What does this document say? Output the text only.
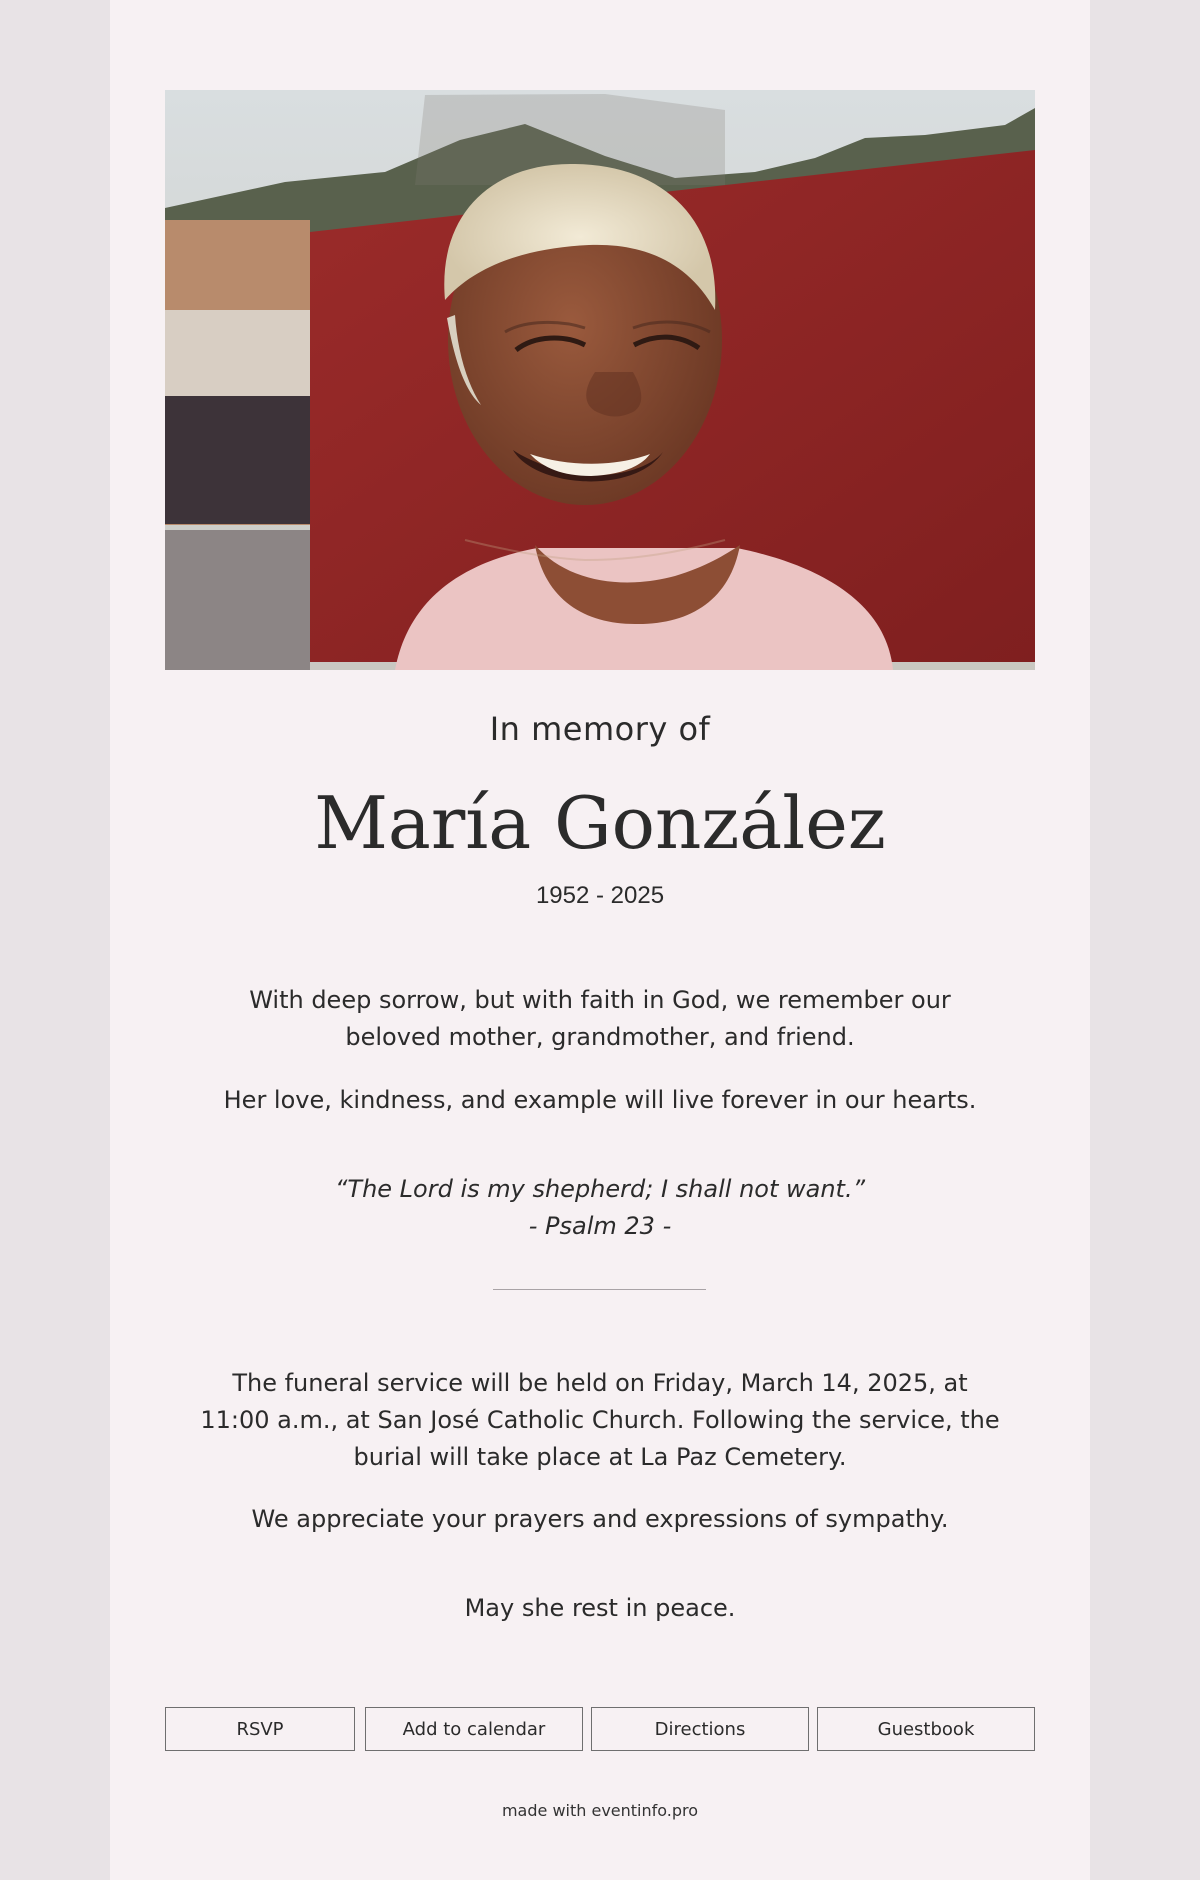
In memory of
María González
1952 - 2025
With deep sorrow, but with faith in God, we remember our beloved mother, grandmother, and friend.
Her love, kindness, and example will live forever in our hearts.
“The Lord is my shepherd; I shall not want.”
- Psalm 23 -
The funeral service will be held on Friday, March 14, 2025, at 11:00 a.m., at San José Catholic Church. Following the service, the burial will take place at La Paz Cemetery.
We appreciate your prayers and expressions of sympathy.
May she rest in peace.
RSVP	Add to calendar	Directions	Guestbook
made with eventinfo.pro
